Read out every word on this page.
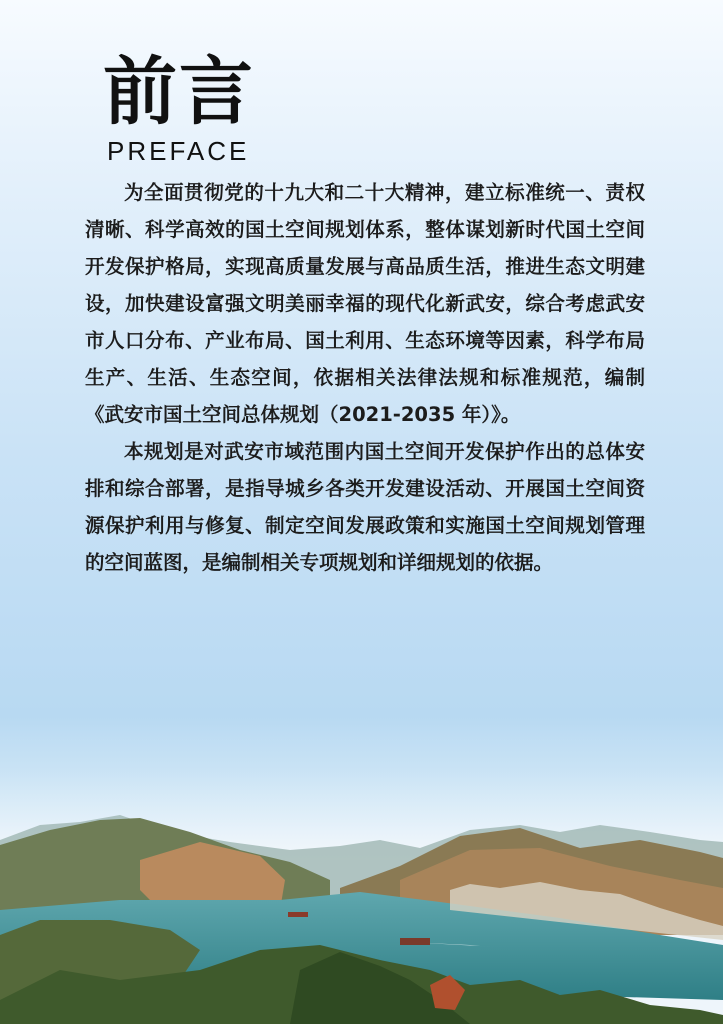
前言
PREFACE

为全面贯彻党的十九大和二十大精神，建立标准统一、责权清晰、科学高效的国土空间规划体系，整体谋划新时代国土空间开发保护格局，实现高质量发展与高品质生活，推进生态文明建设，加快建设富强文明美丽幸福的现代化新武安，综合考虑武安市人口分布、产业布局、国土利用、生态环境等因素，科学布局生产、生活、生态空间，依据相关法律法规和标准规范，编制《武安市国土空间总体规划（2021-2035 年）》。

本规划是对武安市域范围内国土空间开发保护作出的总体安排和综合部署，是指导城乡各类开发建设活动、开展国土空间资源保护利用与修复、制定空间发展政策和实施国土空间规划管理的空间蓝图，是编制相关专项规划和详细规划的依据。
